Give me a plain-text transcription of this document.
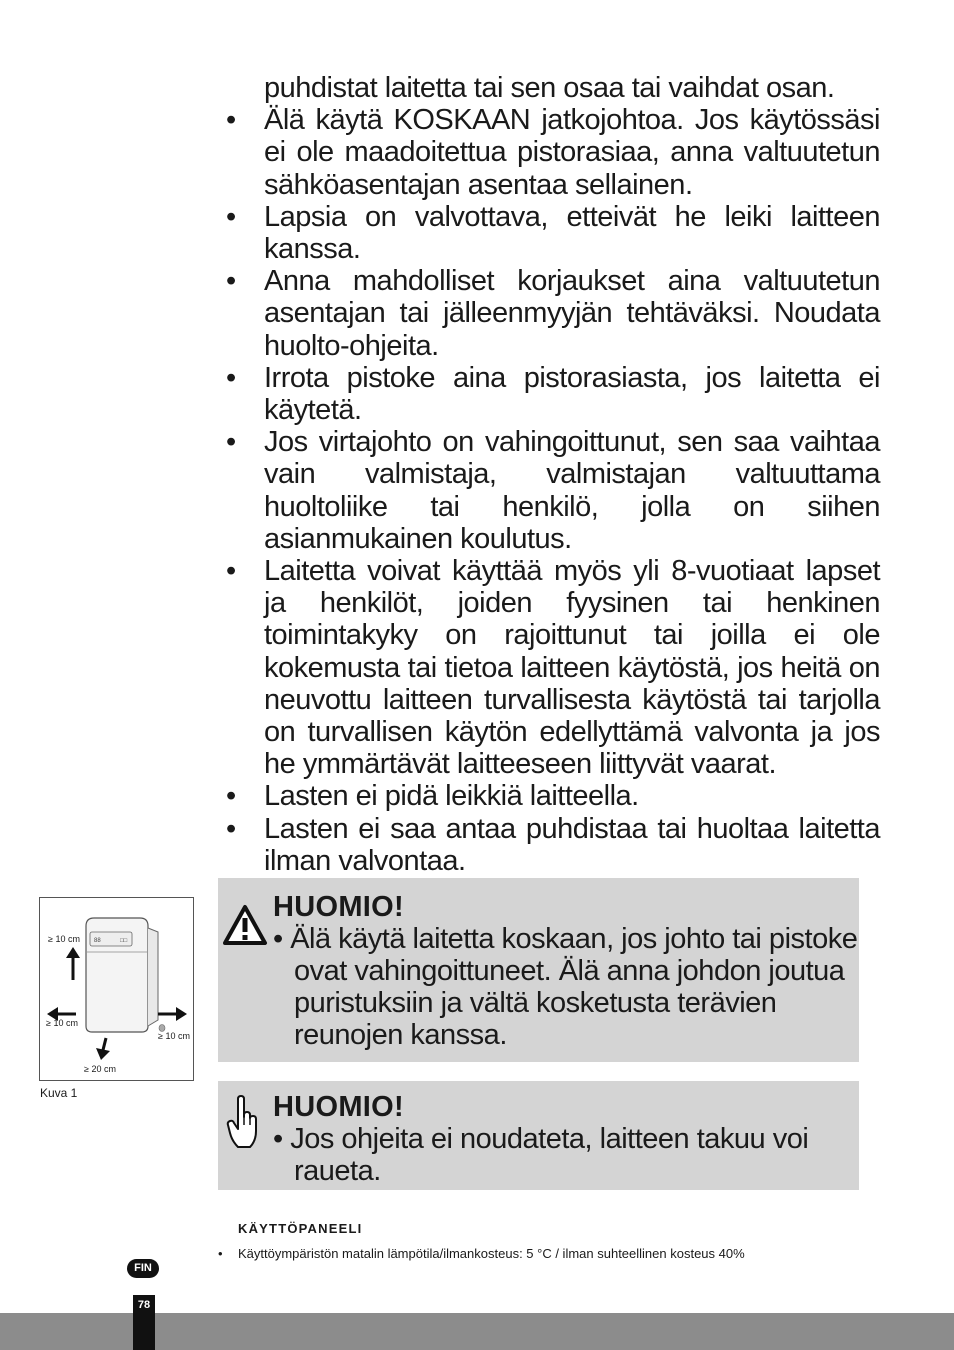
puhdistat laitetta tai sen osaa tai vaihdat osan.
• Älä käytä KOSKAAN jatkojohtoa. Jos käytössäsi ei ole maadoitettua pistorasiaa, anna valtuutetun sähköasentajan asentaa sellainen.
• Lapsia on valvottava, etteivät he leiki laitteen kanssa.
• Anna mahdolliset korjaukset aina valtuutetun asentajan tai jälleenmyyjän tehtäväksi. Noudata huolto-ohjeita.
• Irrota pistoke aina pistorasiasta, jos laitetta ei käytetä.
• Jos virtajohto on vahingoittunut, sen saa vaihtaa vain valmistaja, valmistajan valtuuttama huoltoliike tai henkilö, jolla on siihen asianmukainen koulutus.
• Laitetta voivat käyttää myös yli 8-vuotiaat lapset ja henkilöt, joiden fyysinen tai henkinen toimintakyky on rajoittunut tai joilla ei ole kokemusta tai tietoa laitteen käytöstä, jos heitä on neuvottu laitteen turvallisesta käytöstä tai tarjolla on turvallisen käytön edellyttämä valvonta ja jos he ymmärtävät laitteeseen liittyvät vaarat.
• Lasten ei pidä leikkiä laitteella.
• Lasten ei saa antaa puhdistaa tai huoltaa laitetta ilman valvontaa.
88	□□
≥ 10 cm
≥ 10 cm
≥ 10 cm
≥ 20 cm
Kuva 1
HUOMIO!

• Älä käytä laitetta koskaan, jos johto tai pistoke ovat vahingoittuneet. Älä anna johdon joutua puristuksiin ja vältä kosketusta terävien reunojen kanssa.

HUOMIO!

• Jos ohjeita ei noudateta, laitteen takuu voi raueta.

KÄYTTÖPANEELI
• Käyttöympäristön matalin lämpötila/ilmankosteus: 5 °C / ilman suhteellinen kosteus 40%

FIN
78
